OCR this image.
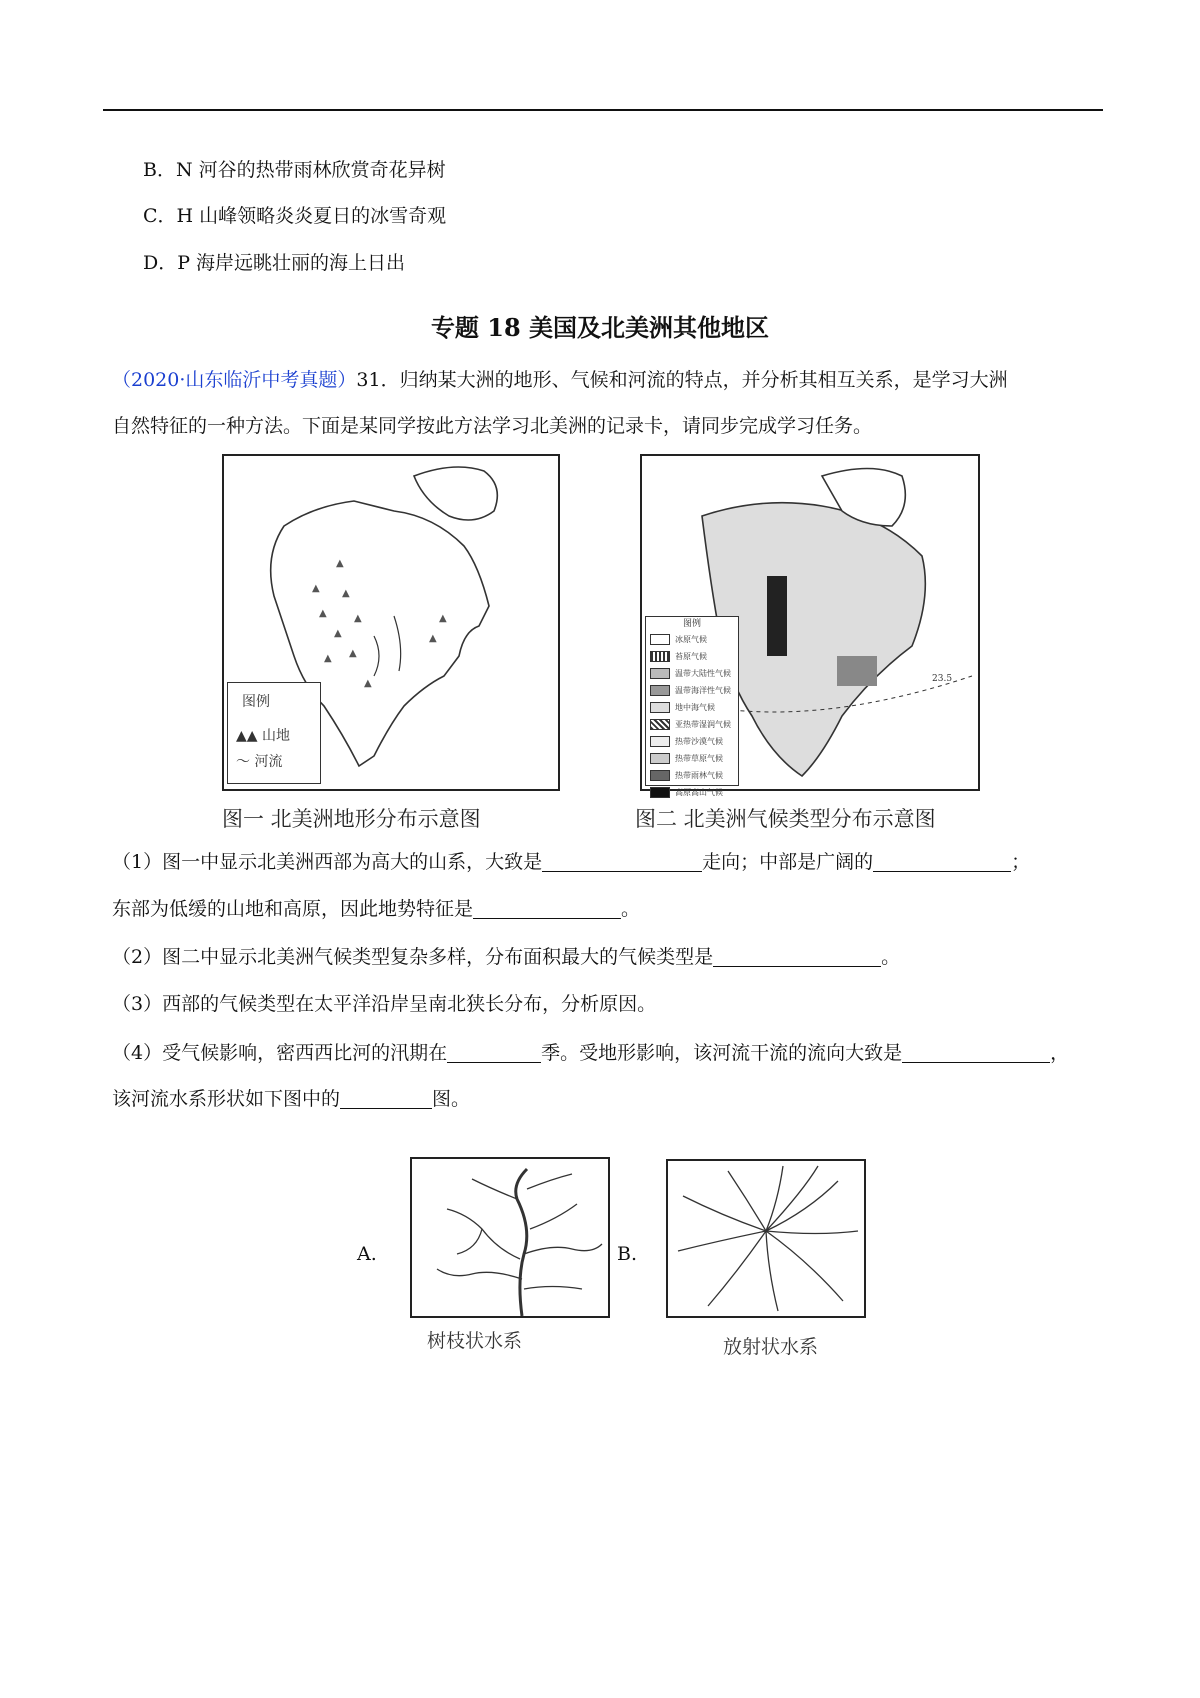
B．N 河谷的热带雨林欣赏奇花异树
C．H 山峰领略炎炎夏日的冰雪奇观
D．P 海岸远眺壮丽的海上日出
专题 18 美国及北美洲其他地区
（2020·山东临沂中考真题）31．归纳某大洲的地形、气候和河流的特点，并分析其相互关系，是学习大洲
自然特征的一种方法。下面是某同学按此方法学习北美洲的记录卡，请同步完成学习任务。
▲
▲
▲
▲
▲
▲
▲
▲
▲
▲
▲
图例
▲▲ 山地
～ 河流
图一 北美洲地形分布示意图
23.5
图例
冰原气候
苔原气候
温带大陆性气候
温带海洋性气候
地中海气候
亚热带湿润气候
热带沙漠气候
热带草原气候
热带雨林气候
高原高山气候
图二 北美洲气候类型分布示意图
（1）图一中显示北美洲西部为高大的山系，大致是	走向；中部是广阔的	；
东部为低缓的山地和高原，因此地势特征是	。
（2）图二中显示北美洲气候类型复杂多样，分布面积最大的气候类型是	。
（3）西部的气候类型在太平洋沿岸呈南北狭长分布，分析原因。
（4）受气候影响，密西西比河的汛期在	季。受地形影响，该河流干流的流向大致是	，
该河流水系形状如下图中的	图。
A.
树枝状水系
B.
放射状水系
